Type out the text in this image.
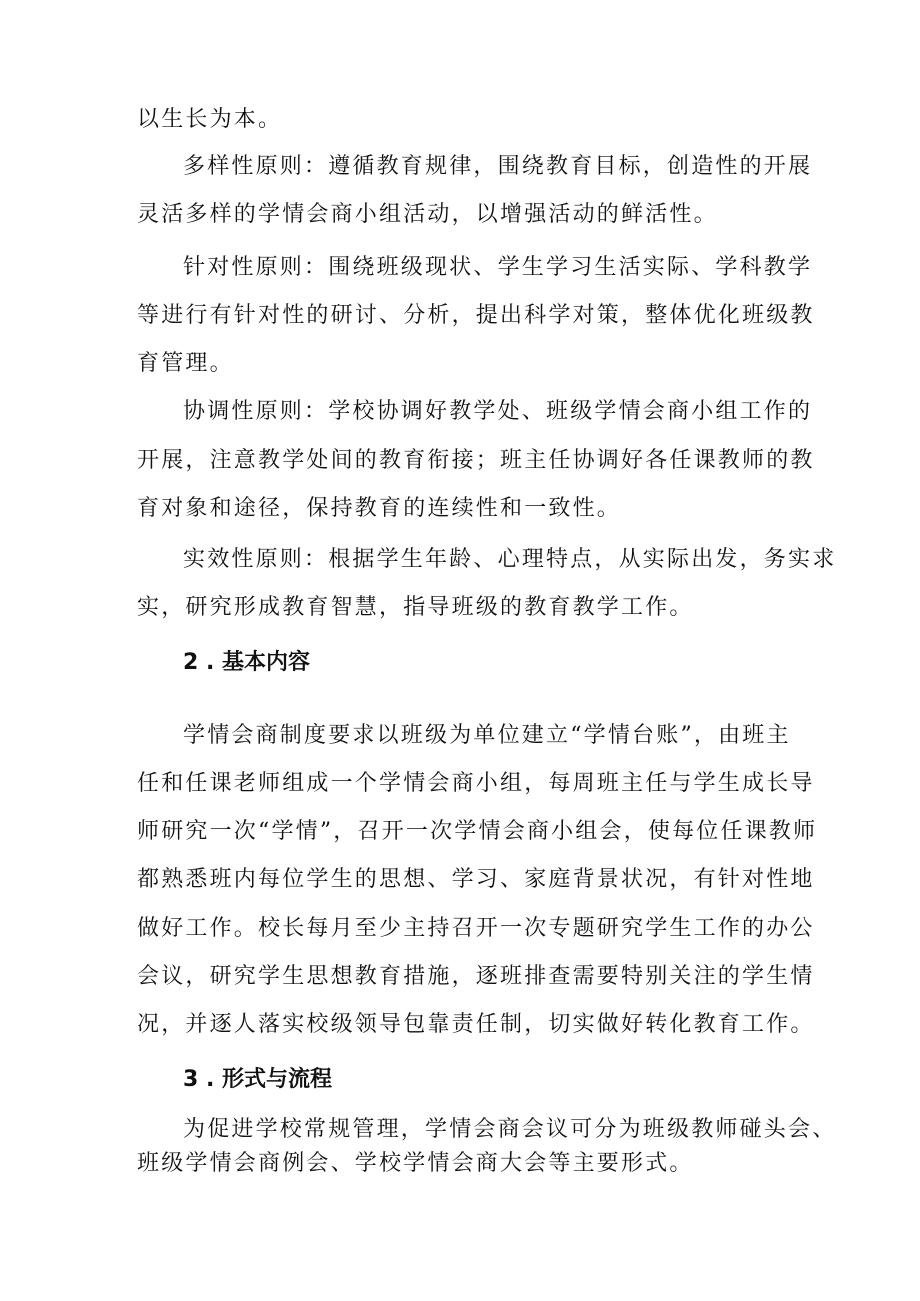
以生长为本。
多样性原则：遵循教育规律，围绕教育目标，创造性的开展
灵活多样的学情会商小组活动，以增强活动的鲜活性。
针对性原则：围绕班级现状、学生学习生活实际、学科教学
等进行有针对性的研讨、分析，提出科学对策，整体优化班级教
育管理。
协调性原则：学校协调好教学处、班级学情会商小组工作的
开展，注意教学处间的教育衔接；班主任协调好各任课教师的教
育对象和途径，保持教育的连续性和一致性。
实效性原则：根据学生年龄、心理特点，从实际出发，务实求
实，研究形成教育智慧，指导班级的教育教学工作。
2 . 基本内容
学情会商制度要求以班级为单位建立“学情台账”，由班主
任和任课老师组成一个学情会商小组，每周班主任与学生成长导
师研究一次“学情”，召开一次学情会商小组会，使每位任课教师
都熟悉班内每位学生的思想、学习、家庭背景状况，有针对性地
做好工作。校长每月至少主持召开一次专题研究学生工作的办公
会议，研究学生思想教育措施，逐班排查需要特别关注的学生情
况，并逐人落实校级领导包靠责任制，切实做好转化教育工作。
3 . 形式与流程
为促进学校常规管理，学情会商会议可分为班级教师碰头会、
班级学情会商例会、学校学情会商大会等主要形式。
